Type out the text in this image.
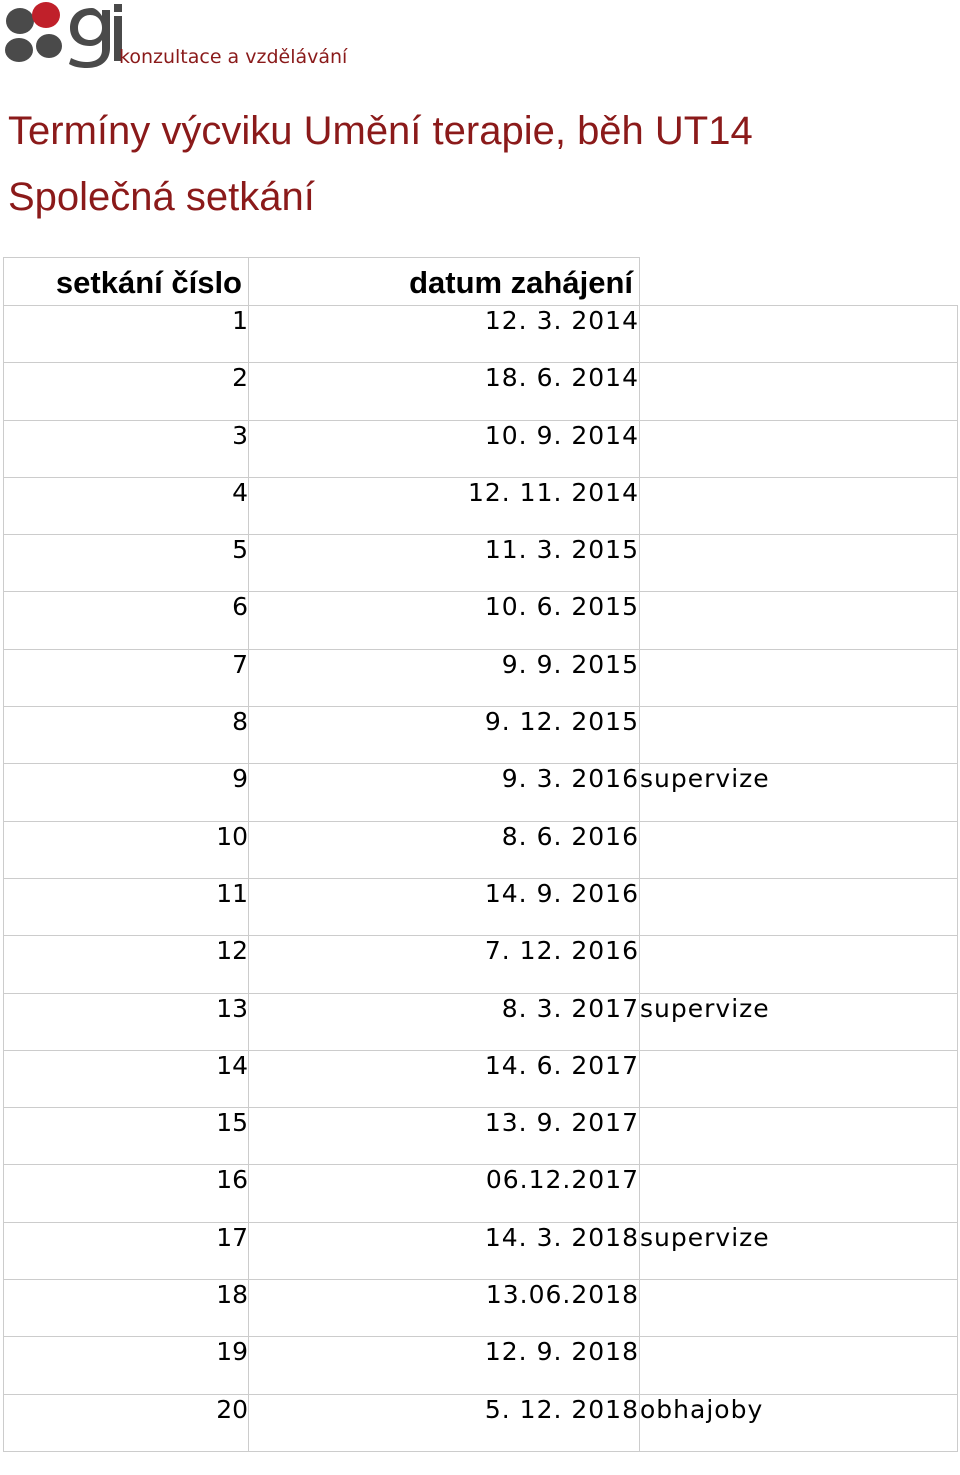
konzultace a vzdělávání
Termíny výcviku Umění terapie, běh UT14
Společná setkání
setkání číslo	datum zahájení	
1	12. 3. 2014	
2	18. 6. 2014	
3	10. 9. 2014	
4	12. 11. 2014	
5	11. 3. 2015	
6	10. 6. 2015	
7	9. 9. 2015	
8	9. 12. 2015	
9	9. 3. 2016	supervize
10	8. 6. 2016	
11	14. 9. 2016	
12	7. 12. 2016	
13	8. 3. 2017	supervize
14	14. 6. 2017	
15	13. 9. 2017	
16	06.12.2017	
17	14. 3. 2018	supervize
18	13.06.2018	
19	12. 9. 2018	
20	5. 12. 2018	obhajoby
